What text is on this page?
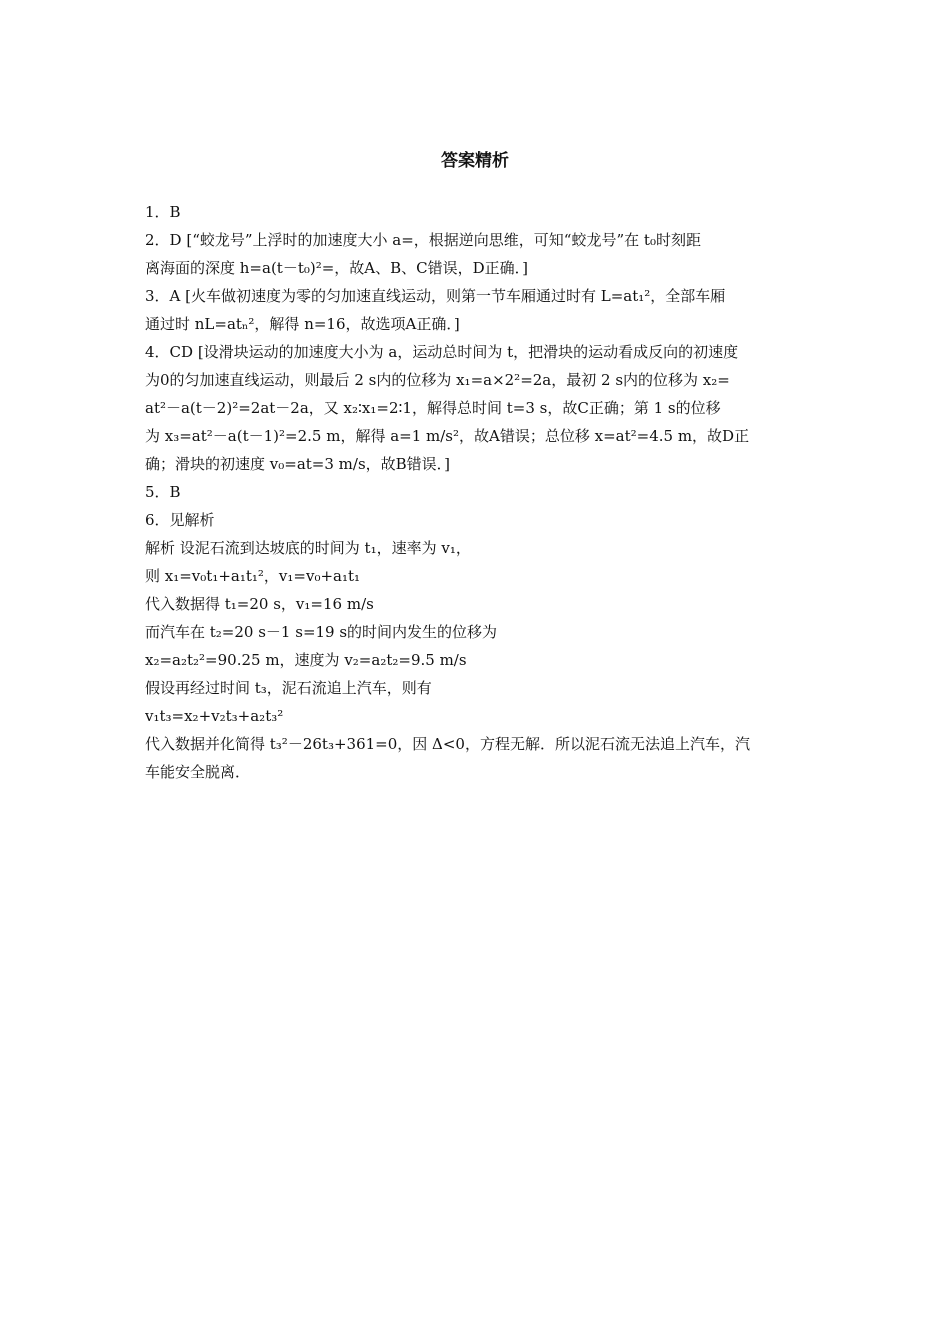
答案精析
1．B
2．D [“蛟龙号”上浮时的加速度大小 a=，根据逆向思维，可知“蛟龙号”在 t₀时刻距
离海面的深度 h=a(t－t₀)²=，故A、B、C错误，D正确．]
3．A [火车做初速度为零的匀加速直线运动，则第一节车厢通过时有 L=at₁²，全部车厢
通过时 nL=atₙ²，解得 n=16，故选项A正确．]
4．CD [设滑块运动的加速度大小为 a，运动总时间为 t，把滑块的运动看成反向的初速度
为0的匀加速直线运动，则最后 2 s内的位移为 x₁=a×2²=2a，最初 2 s内的位移为 x₂=
at²－a(t－2)²=2at－2a，又 x₂∶x₁=2∶1，解得总时间 t=3 s，故C正确；第 1 s的位移
为 x₃=at²－a(t－1)²=2.5 m，解得 a=1 m/s²，故A错误；总位移 x=at²=4.5 m，故D正
确；滑块的初速度 v₀=at=3 m/s，故B错误．]
5．B
6．见解析
解析 设泥石流到达坡底的时间为 t₁，速率为 v₁，
则 x₁=v₀t₁+a₁t₁²，v₁=v₀+a₁t₁
代入数据得 t₁=20 s，v₁=16 m/s
而汽车在 t₂=20 s－1 s=19 s的时间内发生的位移为
x₂=a₂t₂²=90.25 m，速度为 v₂=a₂t₂=9.5 m/s
假设再经过时间 t₃，泥石流追上汽车，则有
v₁t₃=x₂+v₂t₃+a₂t₃²
代入数据并化简得 t₃²－26t₃+361=0，因 Δ<0，方程无解．所以泥石流无法追上汽车，汽
车能安全脱离．
